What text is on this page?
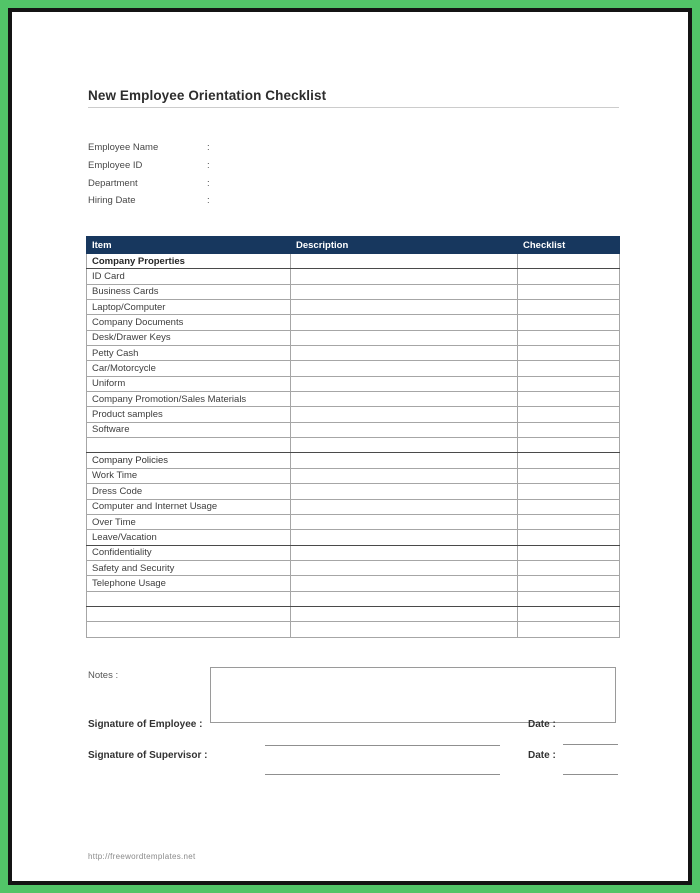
New Employee Orientation Checklist
Employee Name	:
Employee ID	:
Department	:
Hiring Date	:
Item	Description	Checklist
Company Properties		
ID Card		
Business Cards		
Laptop/Computer		
Company Documents		
Desk/Drawer Keys		
Petty Cash		
Car/Motorcycle		
Uniform		
Company Promotion/Sales Materials		
Product samples		
Software		

Company Policies		
Work Time		
Dress Code		
Computer and Internet Usage		
Over Time		
Leave/Vacation		
Confidentiality		
Safety and Security		
Telephone Usage		

Notes :
Signature of Employee :	Date :
Signature of Supervisor :	Date :
http://freewordtemplates.net
